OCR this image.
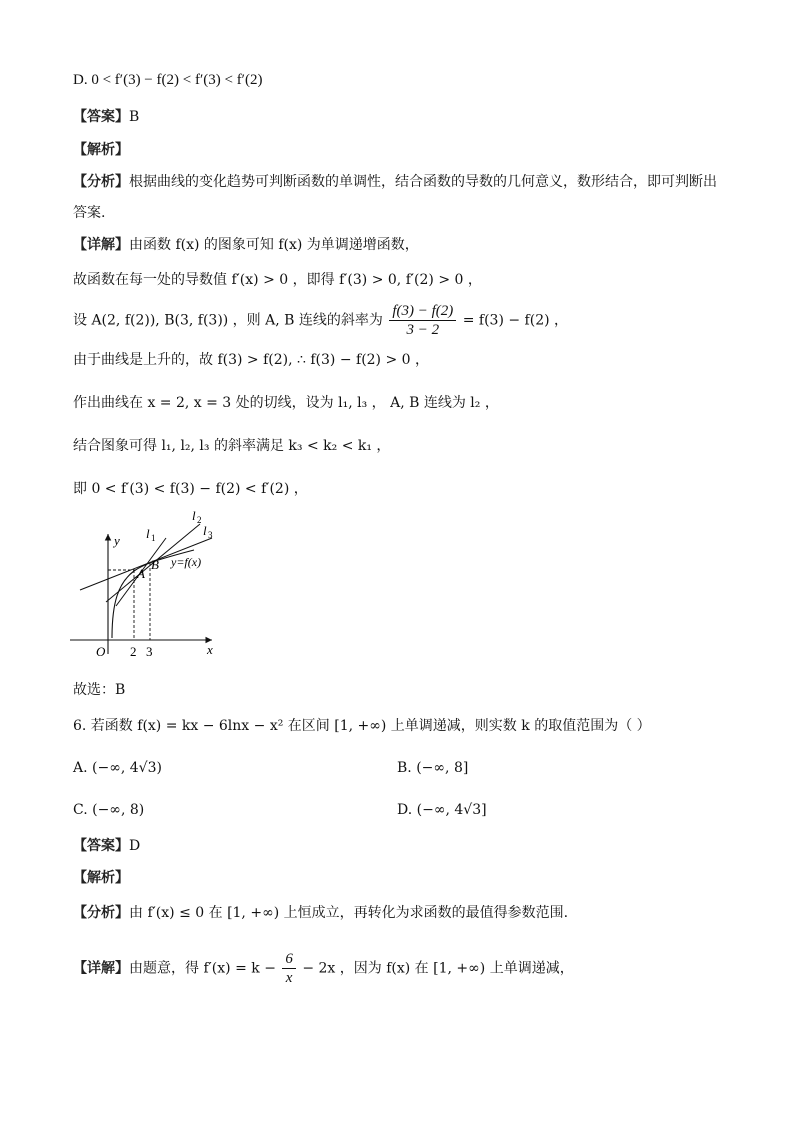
D. 0 < f′(3) − f(2) < f′(3) < f′(2)
【答案】B
【解析】
【分析】根据曲线的变化趋势可判断函数的单调性，结合函数的导数的几何意义，数形结合，即可判断出
答案.
【详解】由函数 f(x) 的图象可知 f(x) 为单调递增函数，
故函数在每一处的导数值 f′(x) > 0 ，即得 f′(3) > 0, f′(2) > 0 ，
设 A(2, f(2)), B(3, f(3)) ，则 A, B 连线的斜率为 $\frac{f(3) - f(2)}{3 - 2} = f(3) - f(2)$ ，
由于曲线是上升的，故 f(3) > f(2), ∴ f(3) − f(2) > 0 ，
作出曲线在 x = 2, x = 3 处的切线，设为 l₁, l₃ ， A, B 连线为 l₂ ，
结合图象可得 l₁, l₂, l₃ 的斜率满足 k₃ < k₂ < k₁ ，
即 0 < f′(3) < f(3) − f(2) < f′(2) ，
y
x
O 2 3
A
B y=f(x)
l 1
l 2
l 3
故选：B
6. 若函数 f(x) = kx − 6lnx − x² 在区间 [1, +∞) 上单调递减，则实数 k 的取值范围为（ ）
A. (−∞, 4√3)	B. (−∞, 8]
C. (−∞, 8)	D. (−∞, 4√3]
【答案】D
【解析】
【分析】由 f′(x) ≤ 0 在 [1, +∞) 上恒成立，再转化为求函数的最值得参数范围.
【详解】由题意，得 $f'(x) = k - \frac{6}{x} - 2x$ ，因为 f(x) 在 [1, +∞) 上单调递减，
